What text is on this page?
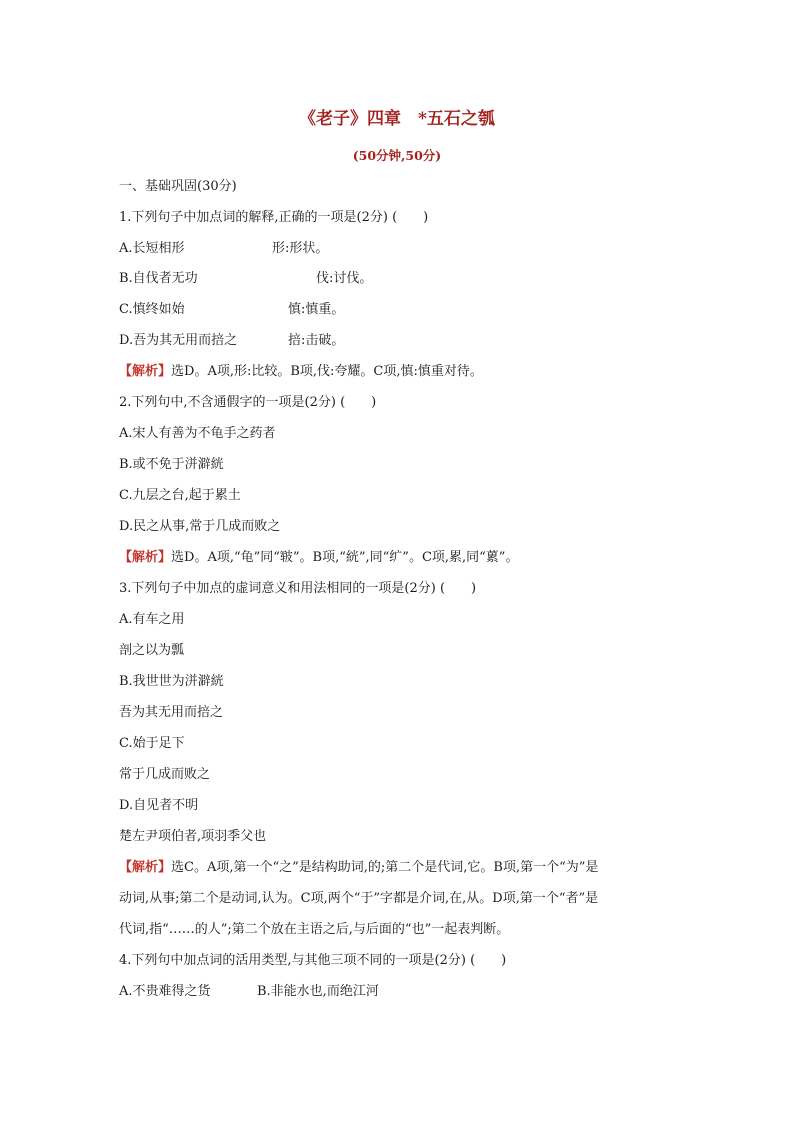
《老子》四章　*五石之瓠
(50分钟,50分)
一、基础巩固(30分)
1.下列句子中加点词的解释,正确的一项是(2分) (　　)
A.长短相形	形:形状。
B.自伐者无功	伐:讨伐。
C.慎终如始	慎:慎重。
D.吾为其无用而掊之	掊:击破。
【解析】选D。A项,形:比较。B项,伐:夸耀。C项,慎:慎重对待。
2.下列句中,不含通假字的一项是(2分) (　　)
A.宋人有善为不龟手之药者
B.或不免于洴澼絖
C.九层之台,起于累土
D.民之从事,常于几成而败之
【解析】选D。A项,“龟”同“皲”。B项,“絖”,同“纩”。C项,累,同“蔂”。
3.下列句子中加点的虚词意义和用法相同的一项是(2分) (　　)
A.有车之用
剖之以为瓢
B.我世世为洴澼絖
吾为其无用而掊之
C.始于足下
常于几成而败之
D.自见者不明
楚左尹项伯者,项羽季父也
【解析】选C。A项,第一个“之”是结构助词,的;第二个是代词,它。B项,第一个“为”是
动词,从事;第二个是动词,认为。C项,两个“于”字都是介词,在,从。D项,第一个“者”是
代词,指“……的人”;第二个放在主语之后,与后面的“也”一起表判断。
4.下列句中加点词的活用类型,与其他三项不同的一项是(2分) (　　)
A.不贵难得之货	B.非能水也,而绝江河
